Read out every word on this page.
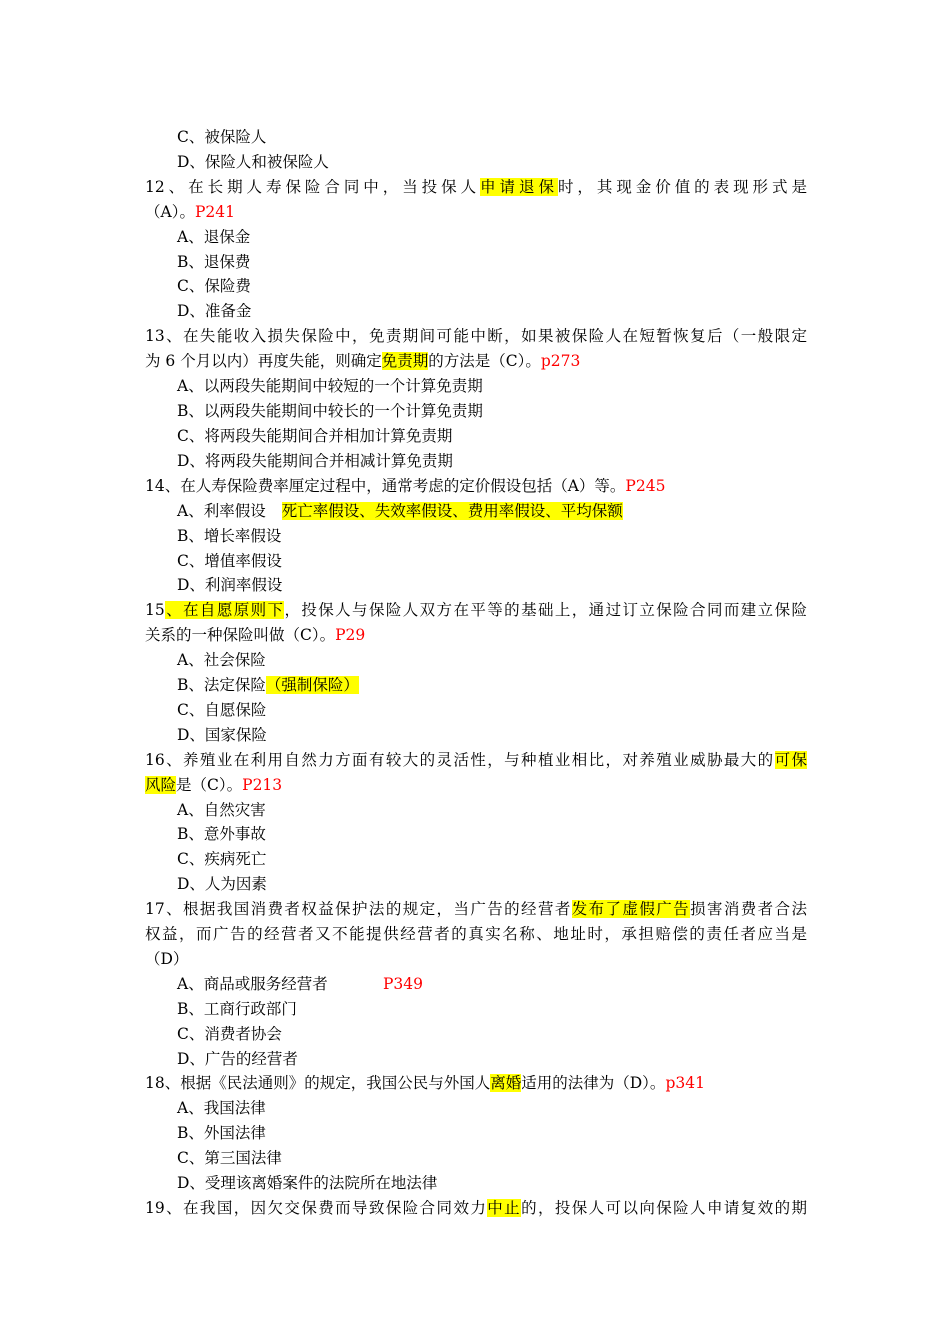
C、被保险人
D、保险人和被保险人
12、在长期人寿保险合同中，当投保人申请退保时，其现金价值的表现形式是
（A）。P241
A、退保金
B、退保费
C、保险费
D、准备金
13、在失能收入损失保险中，免责期间可能中断，如果被保险人在短暂恢复后（一般限定
为 6 个月以内）再度失能，则确定免责期的方法是（C）。p273
A、以两段失能期间中较短的一个计算免责期
B、以两段失能期间中较长的一个计算免责期
C、将两段失能期间合并相加计算免责期
D、将两段失能期间合并相减计算免责期
14、在人寿保险费率厘定过程中，通常考虑的定价假设包括（A）等。P245
A、利率假设 死亡率假设、失效率假设、费用率假设、平均保额
B、增长率假设
C、增值率假设
D、利润率假设
15、在自愿原则下，投保人与保险人双方在平等的基础上，通过订立保险合同而建立保险
关系的一种保险叫做（C）。P29
A、社会保险
B、法定保险（强制保险）
C、自愿保险
D、国家保险
16、养殖业在利用自然力方面有较大的灵活性，与种植业相比，对养殖业威胁最大的可保
风险是（C）。P213
A、自然灾害
B、意外事故
C、疾病死亡
D、人为因素
17、根据我国消费者权益保护法的规定，当广告的经营者发布了虚假广告损害消费者合法
权益，而广告的经营者又不能提供经营者的真实名称、地址时，承担赔偿的责任者应当是
（D）
A、商品或服务经营者	P349
B、工商行政部门
C、消费者协会
D、广告的经营者
18、根据《民法通则》的规定，我国公民与外国人离婚适用的法律为（D）。p341
A、我国法律
B、外国法律
C、第三国法律
D、受理该离婚案件的法院所在地法律
19、在我国，因欠交保费而导致保险合同效力中止的，投保人可以向保险人申请复效的期
